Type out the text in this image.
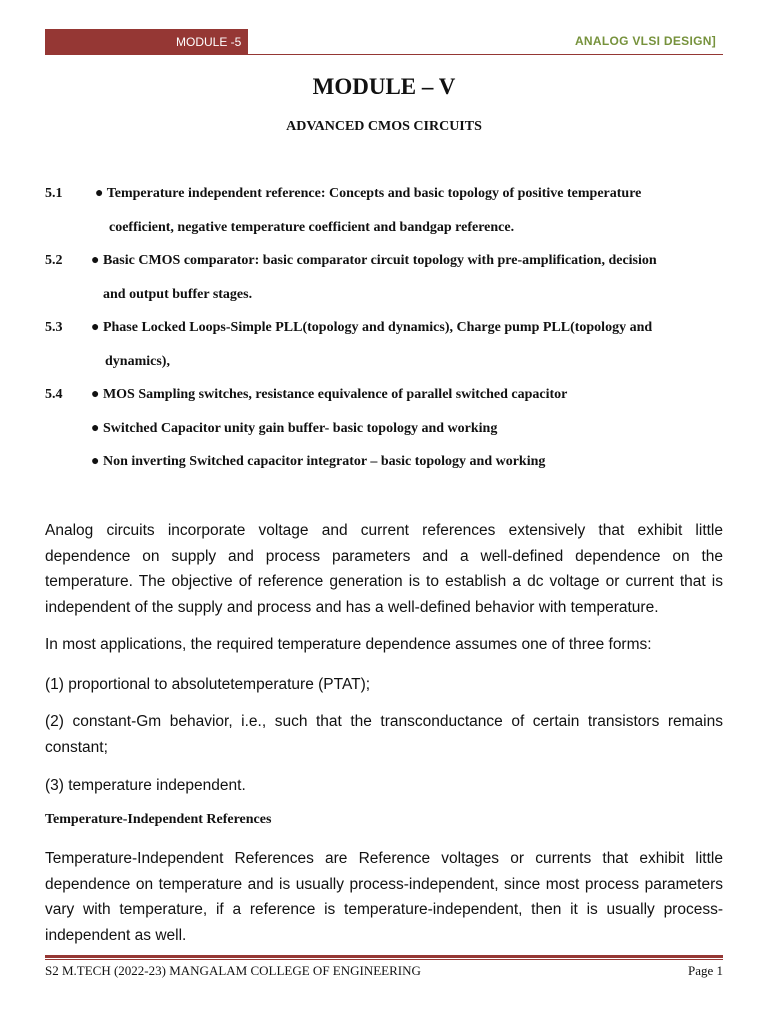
MODULE -5	ANALOG VLSI DESIGN]
MODULE – V
ADVANCED CMOS CIRCUITS
5.1 ● Temperature independent reference: Concepts and basic topology of positive temperature
coefficient, negative temperature coefficient and bandgap reference.
5.2 ● Basic CMOS comparator: basic comparator circuit topology with pre-amplification, decision
and output buffer stages.
5.3 ● Phase Locked Loops-Simple PLL(topology and dynamics), Charge pump PLL(topology and
dynamics),
5.4 ● MOS Sampling switches, resistance equivalence of parallel switched capacitor
● Switched Capacitor unity gain buffer- basic topology and working
● Non inverting Switched capacitor integrator – basic topology and working

Analog circuits incorporate voltage and current references extensively that exhibit little dependence on supply and process parameters and a well-defined dependence on the temperature. The objective of reference generation is to establish a dc voltage or current that is independent of the supply and process and has a well-defined behavior with temperature.

In most applications, the required temperature dependence assumes one of three forms:

(1) proportional to absolutetemperature (PTAT);

(2) constant-Gm behavior, i.e., such that the transconductance of certain transistors remains constant;

(3) temperature independent.

Temperature-Independent References

Temperature-Independent References are Reference voltages or currents that exhibit little dependence on temperature and is usually process-independent, since most process parameters vary with temperature, if a reference is temperature-independent, then it is usually process-independent as well.

S2 M.TECH (2022-23) MANGALAM COLLEGE OF ENGINEERING	Page 1
